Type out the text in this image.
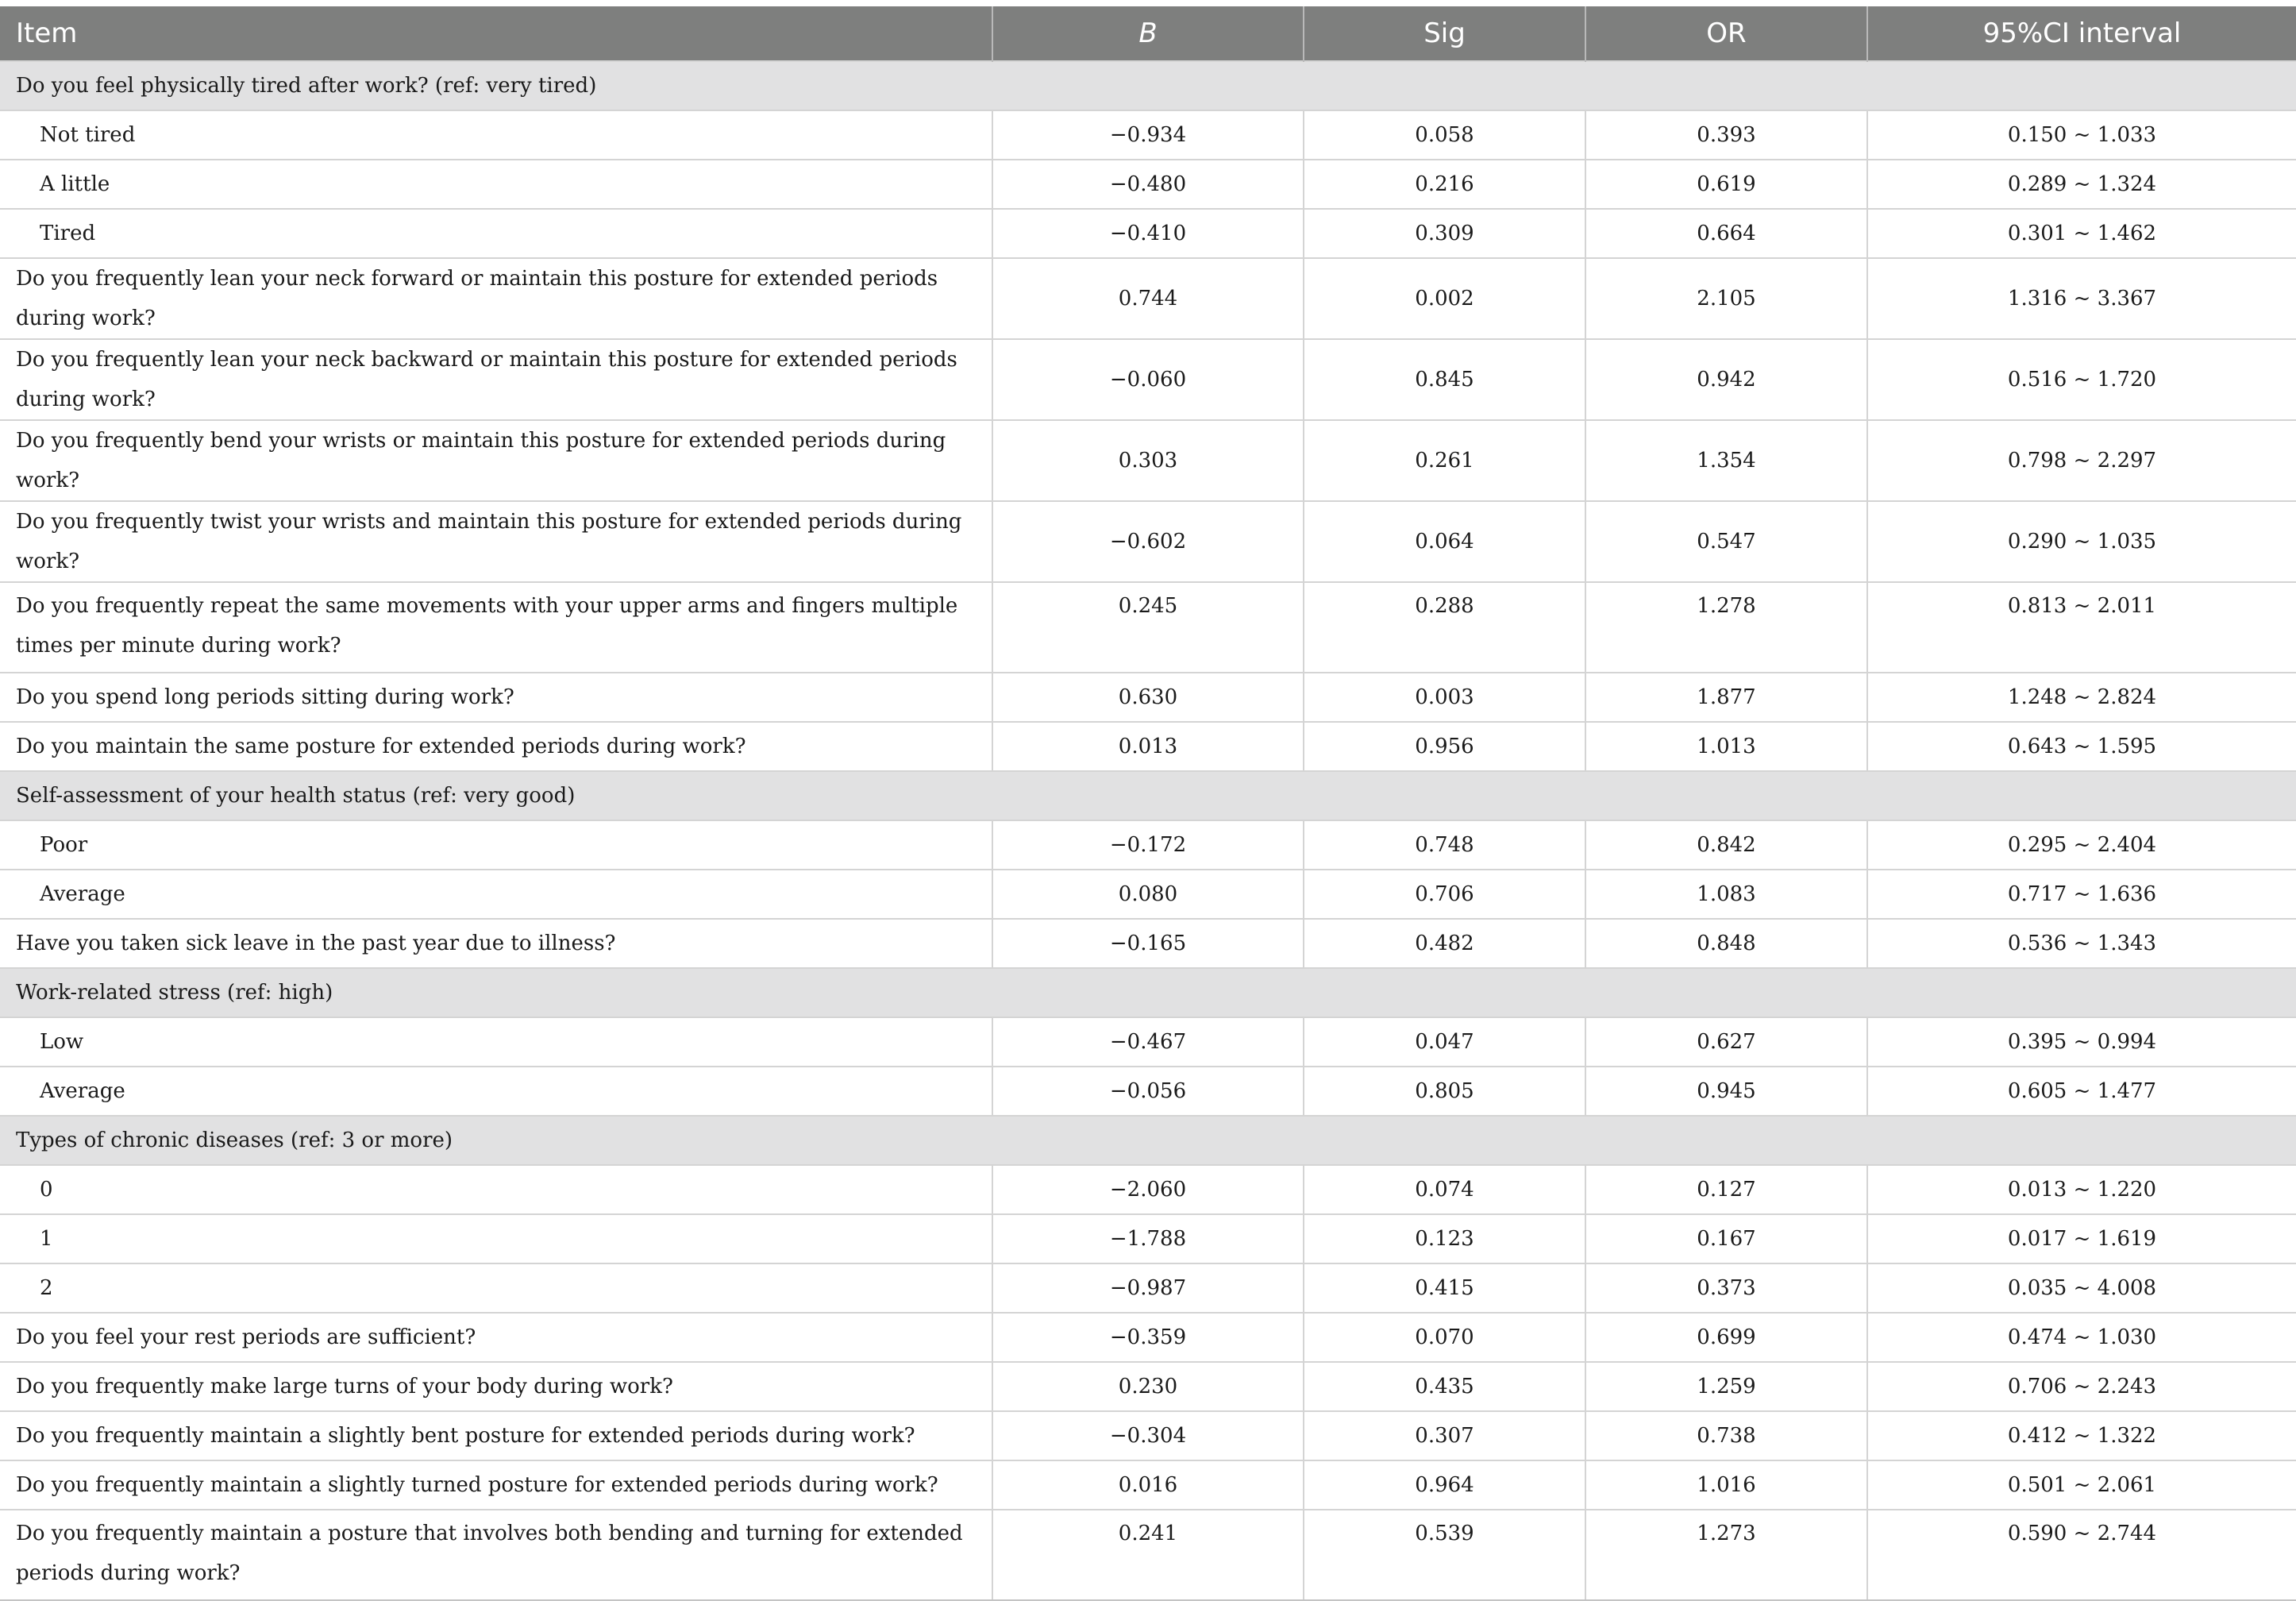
Item	B	Sig	OR	95%CI interval
Do you feel physically tired after work? (ref: very tired)				
Not tired	−0.934	0.058	0.393	0.150 ~ 1.033
A little	−0.480	0.216	0.619	0.289 ~ 1.324
Tired	−0.410	0.309	0.664	0.301 ~ 1.462
Do you frequently lean your neck forward or maintain this posture for extended periods during work?	0.744	0.002	2.105	1.316 ~ 3.367
Do you frequently lean your neck backward or maintain this posture for extended periods during work?	−0.060	0.845	0.942	0.516 ~ 1.720
Do you frequently bend your wrists or maintain this posture for extended periods during work?	0.303	0.261	1.354	0.798 ~ 2.297
Do you frequently twist your wrists and maintain this posture for extended periods during work?	−0.602	0.064	0.547	0.290 ~ 1.035
Do you frequently repeat the same movements with your upper arms and fingers multiple times per minute during work?	0.245	0.288	1.278	0.813 ~ 2.011
Do you spend long periods sitting during work?	0.630	0.003	1.877	1.248 ~ 2.824
Do you maintain the same posture for extended periods during work?	0.013	0.956	1.013	0.643 ~ 1.595
Self-assessment of your health status (ref: very good)				
Poor	−0.172	0.748	0.842	0.295 ~ 2.404
Average	0.080	0.706	1.083	0.717 ~ 1.636
Have you taken sick leave in the past year due to illness?	−0.165	0.482	0.848	0.536 ~ 1.343
Work-related stress (ref: high)				
Low	−0.467	0.047	0.627	0.395 ~ 0.994
Average	−0.056	0.805	0.945	0.605 ~ 1.477
Types of chronic diseases (ref: 3 or more)				
0	−2.060	0.074	0.127	0.013 ~ 1.220
1	−1.788	0.123	0.167	0.017 ~ 1.619
2	−0.987	0.415	0.373	0.035 ~ 4.008
Do you feel your rest periods are sufficient?	−0.359	0.070	0.699	0.474 ~ 1.030
Do you frequently make large turns of your body during work?	0.230	0.435	1.259	0.706 ~ 2.243
Do you frequently maintain a slightly bent posture for extended periods during work?	−0.304	0.307	0.738	0.412 ~ 1.322
Do you frequently maintain a slightly turned posture for extended periods during work?	0.016	0.964	1.016	0.501 ~ 2.061
Do you frequently maintain a posture that involves both bending and turning for extended periods during work?	0.241	0.539	1.273	0.590 ~ 2.744
